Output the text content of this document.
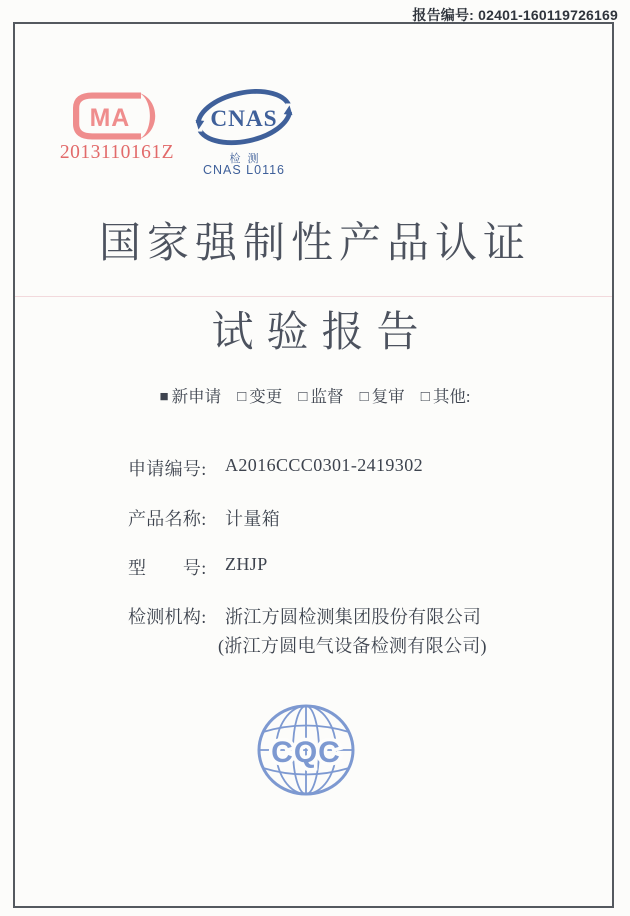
报告编号: 02401-160119726169
MA
2013110161Z
CNAS
检测
CNAS L0116
国家强制性产品认证
试验报告
■ 新申请 □ 变更 □ 监督 □ 复审 □ 其他:
申请编号: A2016CCC0301-2419302
产品名称: 计量箱
型　　号: ZHJP
检测机构: 浙江方圆检测集团股份有限公司
(浙江方圆电气设备检测有限公司)
CQC
